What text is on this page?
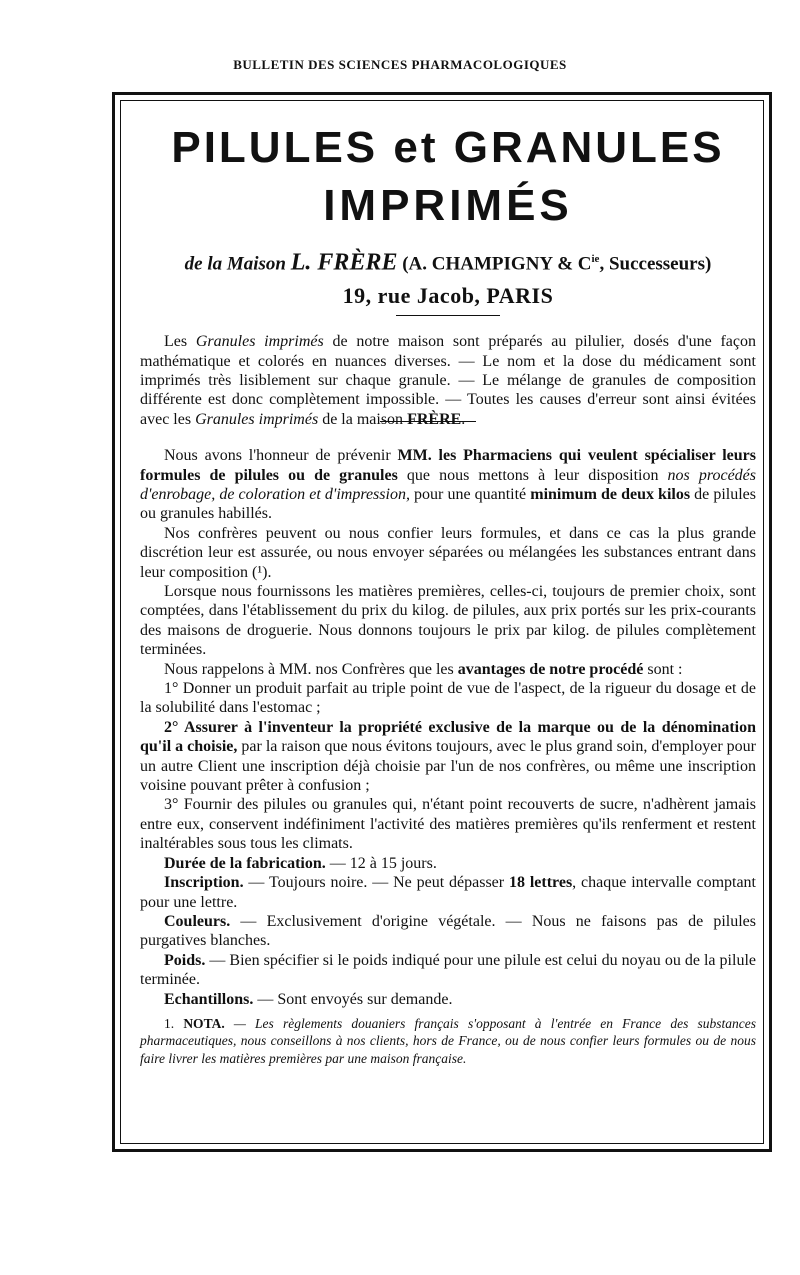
BULLETIN DES SCIENCES PHARMACOLOGIQUES
PILULES et GRANULES
IMPRIMÉS
de la Maison L. FRÈRE (A. CHAMPIGNY & $C^{ie}$, Successeurs)
19, rue Jacob, PARIS

Les Granules imprimés de notre maison sont préparés au pilulier, dosés d'une façon mathématique et colorés en nuances diverses. — Le nom et la dose du médicament sont imprimés très lisiblement sur chaque granule. — Le mélange de granules de composition différente est donc complètement impossible. — Toutes les causes d'erreur sont ainsi évitées avec les Granules imprimés de la maison FRÈRE.

Nous avons l'honneur de prévenir MM. les Pharmaciens qui veulent spécialiser leurs formules de pilules ou de granules que nous mettons à leur disposition nos procédés d'enrobage, de coloration et d'impression, pour une quantité minimum de deux kilos de pilules ou granules habillés.

Nos confrères peuvent ou nous confier leurs formules, et dans ce cas la plus grande discrétion leur est assurée, ou nous envoyer séparées ou mélangées les substances entrant dans leur composition (¹).

Lorsque nous fournissons les matières premières, celles-ci, toujours de premier choix, sont comptées, dans l'établissement du prix du kilog. de pilules, aux prix portés sur les prix-courants des maisons de droguerie. Nous donnons toujours le prix par kilog. de pilules complètement terminées.

Nous rappelons à MM. nos Confrères que les avantages de notre procédé sont :

1° Donner un produit parfait au triple point de vue de l'aspect, de la rigueur du dosage et de la solubilité dans l'estomac ;

2° Assurer à l'inventeur la propriété exclusive de la marque ou de la dénomination qu'il a choisie, par la raison que nous évitons toujours, avec le plus grand soin, d'employer pour un autre Client une inscription déjà choisie par l'un de nos confrères, ou même une inscription voisine pouvant prêter à confusion ;

3° Fournir des pilules ou granules qui, n'étant point recouverts de sucre, n'adhèrent jamais entre eux, conservent indéfiniment l'activité des matières premières qu'ils renferment et restent inaltérables sous tous les climats.

Durée de la fabrication. — 12 à 15 jours.

Inscription. — Toujours noire. — Ne peut dépasser 18 lettres, chaque intervalle comptant pour une lettre.

Couleurs. — Exclusivement d'origine végétale. — Nous ne faisons pas de pilules purgatives blanches.

Poids. — Bien spécifier si le poids indiqué pour une pilule est celui du noyau ou de la pilule terminée.

Echantillons. — Sont envoyés sur demande.

1. NOTA. — Les règlements douaniers français s'opposant à l'entrée en France des substances pharmaceutiques, nous conseillons à nos clients, hors de France, ou de nous confier leurs formules ou de nous faire livrer les matières premières par une maison française.
